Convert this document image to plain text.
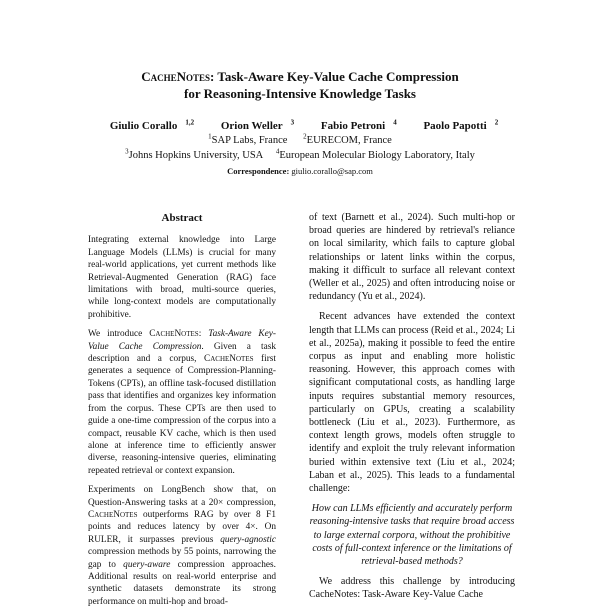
CacheNotes: Task-Aware Key-Value Cache Compression
for Reasoning-Intensive Knowledge Tasks
Giulio Corallo $^{1,2}$ Orion Weller $^3$ Fabio Petroni $^4$ Paolo Papotti $^2$
$^1$SAP Labs, France $^2$EURECOM, France
$^3$Johns Hopkins University, USA $^4$European Molecular Biology Laboratory, Italy
Correspondence: giulio.corallo@sap.com
Abstract

Integrating external knowledge into Large Language Models (LLMs) is crucial for many real-world applications, yet current methods like Retrieval-Augmented Generation (RAG) face limitations with broad, multi-source queries, while long-context models are computationally prohibitive.

We introduce CacheNotes: Task-Aware Key-Value Cache Compression. Given a task description and a corpus, CacheNotes first generates a sequence of Compression-Planning-Tokens (CPTs), an offline task-focused distillation pass that identifies and organizes key information from the corpus. These CPTs are then used to guide a one-time compression of the corpus into a compact, reusable KV cache, which is then used alone at inference time to efficiently answer diverse, reasoning-intensive queries, eliminating repeated retrieval or context expansion.

Experiments on LongBench show that, on Question-Answering tasks at a 20× compression, CacheNotes outperforms RAG by over 8 F1 points and reduces latency by over 4×. On RULER, it surpasses previous query-agnostic compression methods by 55 points, narrowing the gap to query-aware compression approaches. Additional results on real-world enterprise and synthetic datasets demonstrate its strong performance on multi-hop and broad-

of text (Barnett et al., 2024). Such multi-hop or broad queries are hindered by retrieval's reliance on local similarity, which fails to capture global relationships or latent links within the corpus, making it difficult to surface all relevant context (Weller et al., 2025) and often introducing noise or redundancy (Yu et al., 2024).

Recent advances have extended the context length that LLMs can process (Reid et al., 2024; Li et al., 2025a), making it possible to feed the entire corpus as input and enabling more holistic reasoning. However, this approach comes with significant computational costs, as handling large inputs requires substantial memory resources, particularly on GPUs, creating a scalability bottleneck (Liu et al., 2023). Furthermore, as context length grows, models often struggle to identify and exploit the truly relevant information buried within extensive text (Liu et al., 2024; Laban et al., 2025). This leads to a fundamental challenge:

How can LLMs efficiently and accurately perform reasoning-intensive tasks that require broad access to large external corpora, without the prohibitive costs of full-context inference or the limitations of retrieval-based methods?

We address this challenge by introducing CacheNotes: Task-Aware Key-Value Cache
